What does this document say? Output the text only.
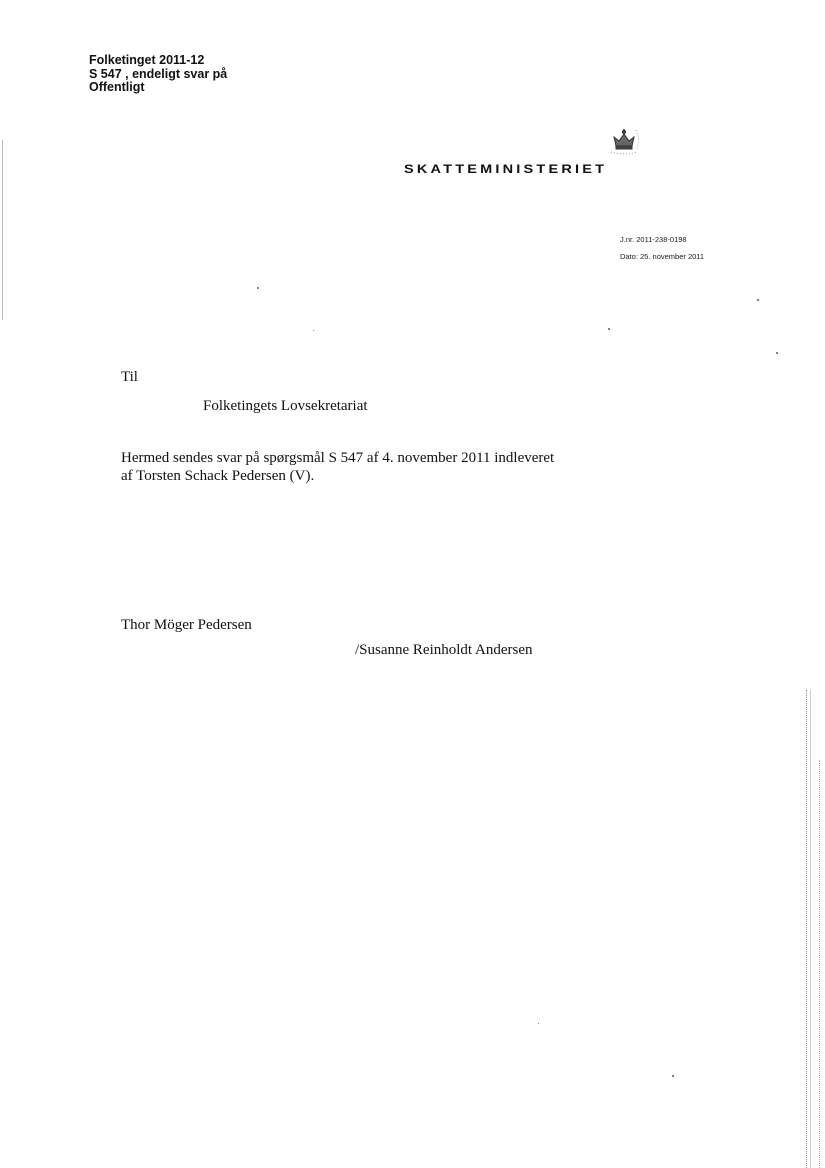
Folketinget 2011-12
S 547 , endeligt svar på
Offentligt
SKATTEMINISTERIET
J.nr. 2011-238-0198
Dato: 25. november 2011
Til
Folketingets Lovsekretariat
Hermed sendes svar på spørgsmål S 547 af 4. november 2011 indleveret
af Torsten Schack Pedersen (V).
Thor Möger Pedersen
/Susanne Reinholdt Andersen
